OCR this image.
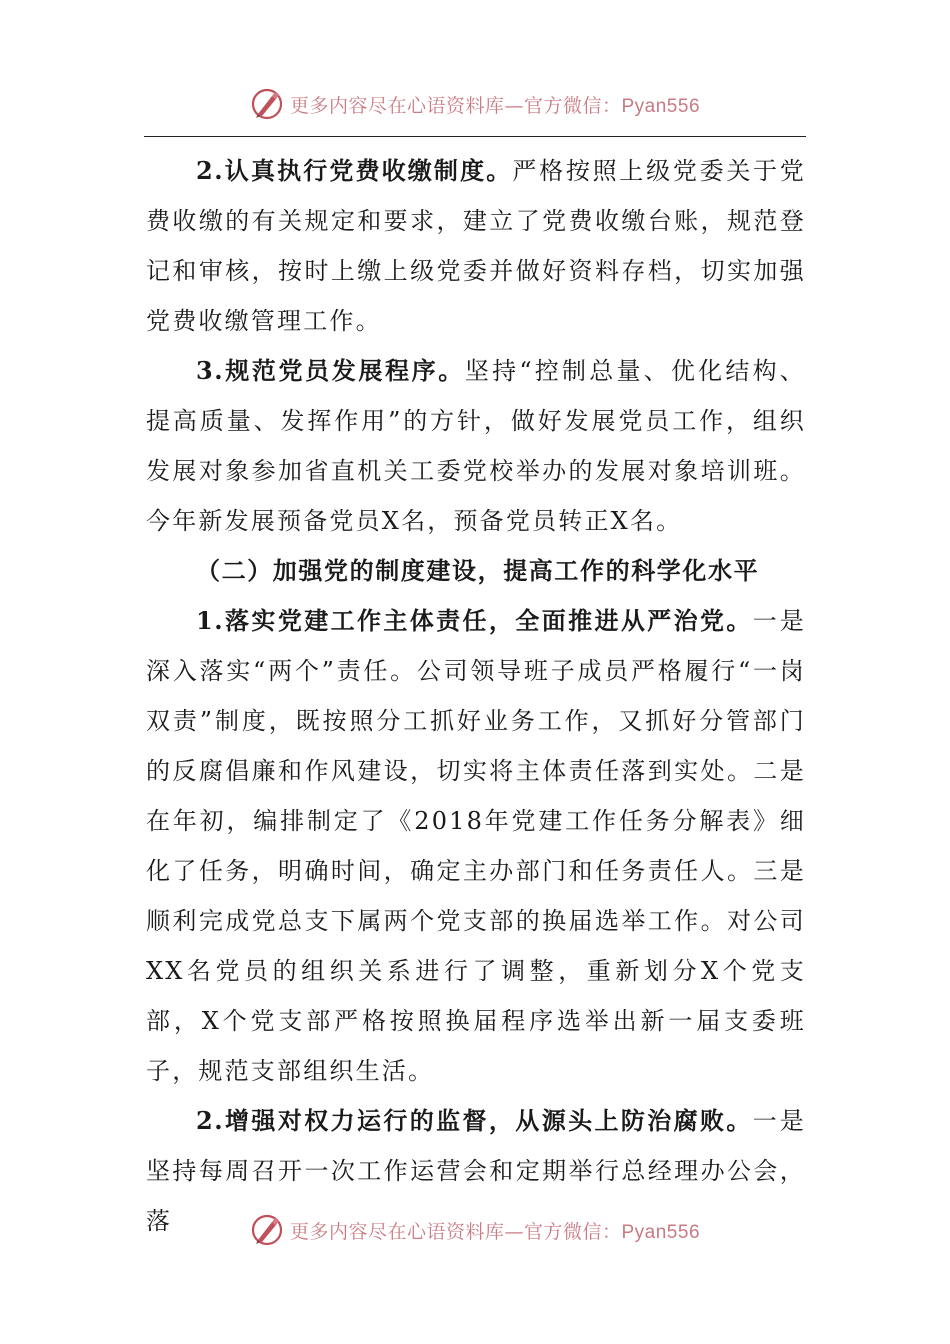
更多内容尽在心语资料库—官方微信：Pyan556

2.认真执行党费收缴制度。严格按照上级党委关于党费收缴的有关规定和要求，建立了党费收缴台账，规范登记和审核，按时上缴上级党委并做好资料存档，切实加强党费收缴管理工作。

3.规范党员发展程序。坚持“控制总量、优化结构、提高质量、发挥作用”的方针，做好发展党员工作，组织发展对象参加省直机关工委党校举办的发展对象培训班。今年新发展预备党员X名，预备党员转正X名。

（二）加强党的制度建设，提高工作的科学化水平

1.落实党建工作主体责任，全面推进从严治党。一是深入落实“两个”责任。公司领导班子成员严格履行“一岗双责”制度，既按照分工抓好业务工作，又抓好分管部门的反腐倡廉和作风建设，切实将主体责任落到实处。二是在年初，编排制定了《2018年党建工作任务分解表》细化了任务，明确时间，确定主办部门和任务责任人。三是顺利完成党总支下属两个党支部的换届选举工作。对公司XX名党员的组织关系进行了调整，重新划分X个党支部，X个党支部严格按照换届程序选举出新一届支委班子，规范支部组织生活。

2.增强对权力运行的监督，从源头上防治腐败。一是坚持每周召开一次工作运营会和定期举行总经理办公会，落	更多内容尽在心语资料库—官方微信：Pyan556
